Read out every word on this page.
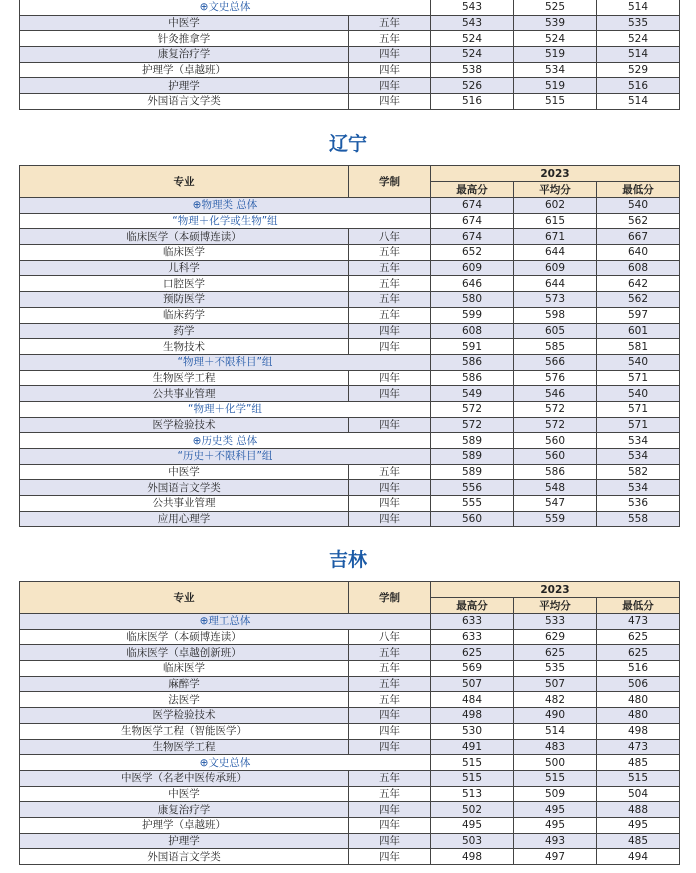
⊕文史总体		543	525	514
中医学	五年	543	539	535
针灸推拿学	五年	524	524	524
康复治疗学	四年	524	519	514
护理学（卓越班）	四年	538	534	529
护理学	四年	526	519	516
外国语言文学类	四年	516	515	514
辽宁
专业	学制	2023		
		最高分	平均分	最低分
⊕物理类 总体		674	602	540
“物理＋化学或生物”组		674	615	562
临床医学（本硕博连读）	八年	674	671	667
临床医学	五年	652	644	640
儿科学	五年	609	609	608
口腔医学	五年	646	644	642
预防医学	五年	580	573	562
临床药学	五年	599	598	597
药学	四年	608	605	601
生物技术	四年	591	585	581
“物理＋不限科目”组		586	566	540
生物医学工程	四年	586	576	571
公共事业管理	四年	549	546	540
“物理＋化学”组		572	572	571
医学检验技术	四年	572	572	571
⊕历史类 总体		589	560	534
“历史＋不限科目”组		589	560	534
中医学	五年	589	586	582
外国语言文学类	四年	556	548	534
公共事业管理	四年	555	547	536
应用心理学	四年	560	559	558
吉林
专业	学制	2023		
		最高分	平均分	最低分
⊕理工总体		633	533	473
临床医学（本硕博连读）	八年	633	629	625
临床医学（卓越创新班）	五年	625	625	625
临床医学	五年	569	535	516
麻醉学	五年	507	507	506
法医学	五年	484	482	480
医学检验技术	四年	498	490	480
生物医学工程（智能医学）	四年	530	514	498
生物医学工程	四年	491	483	473
⊕文史总体		515	500	485
中医学（名老中医传承班）	五年	515	515	515
中医学	五年	513	509	504
康复治疗学	四年	502	495	488
护理学（卓越班）	四年	495	495	495
护理学	四年	503	493	485
外国语言文学类	四年	498	497	494
